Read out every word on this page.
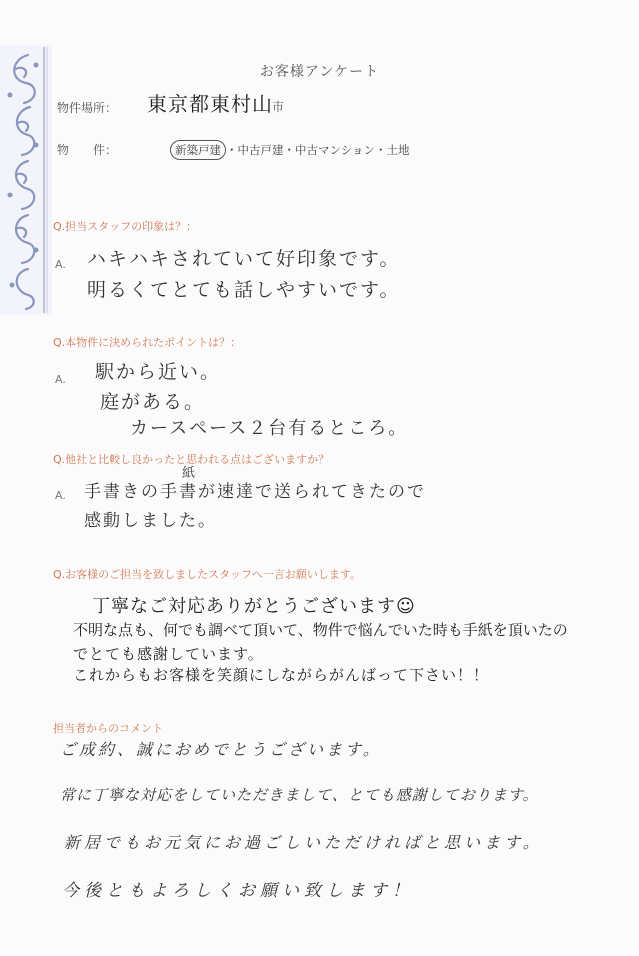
お客様アンケート
物件場所： 東京都東村山 市
物　　件：	新築戸建 ・中古戸建・中古マンション・土地
Q.担当スタッフの印象は？：
A. ハキハキされていて好印象です。
明るくてとても話しやすいです。
Q.本物件に決められたポイントは？：
A. 駅から近い。
庭がある。
カースペース２台有るところ。
Q.他社と比較し良かったと思われる点はございますか？
A.
紙
手書きの手書が速達で送られてきたので
感動しました。
Q.お客様のご担当を致しましたスタッフへ一言お願いします。
丁寧なご対応ありがとうございます☺
不明な点も、何でも調べて頂いて、物件で悩んでいた時も手紙を頂いたの
でとても感謝しています。
これからもお客様を笑顔にしながらがんばって下さい！！
担当者からのコメント
ご成約、誠におめでとうございます。
常に丁寧な対応をしていただきまして、とても感謝しております。
新居でもお元気にお過ごしいただければと思います。
今後ともよろしくお願い致します！
